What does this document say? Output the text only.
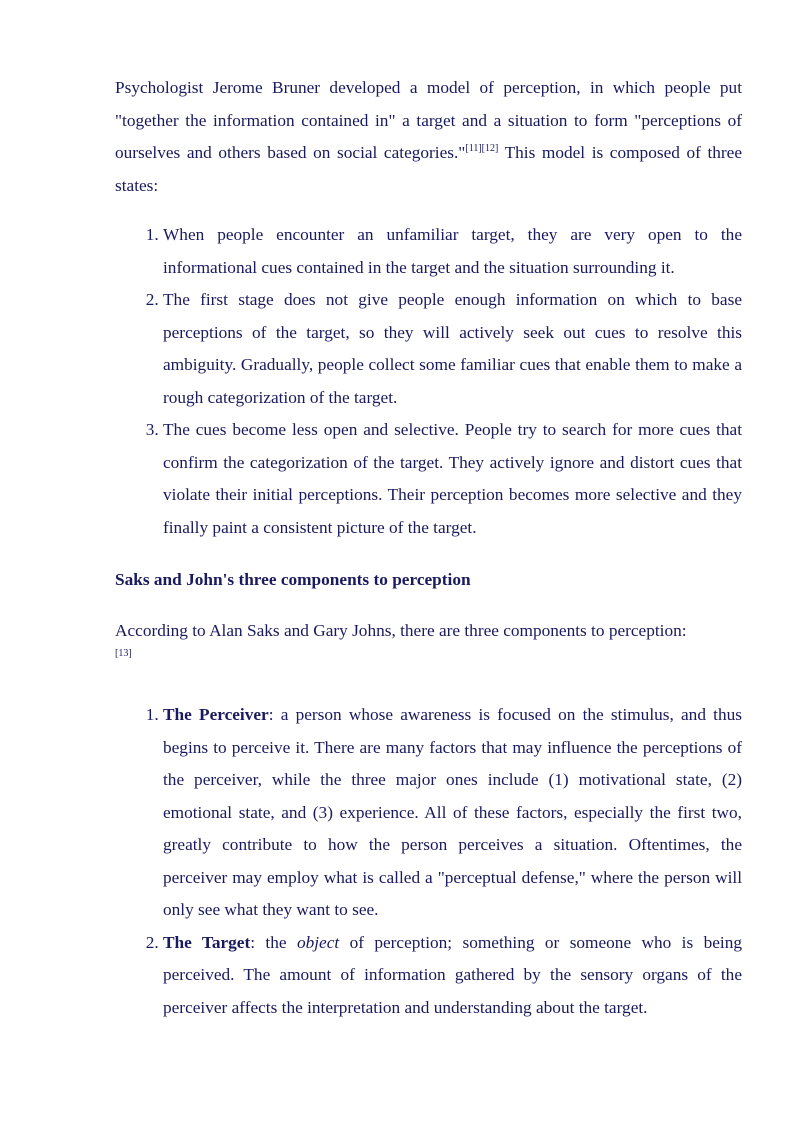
Psychologist Jerome Bruner developed a model of perception, in which people put "together the information contained in" a target and a situation to form "perceptions of ourselves and others based on social categories."[11][12] This model is composed of three states:

1. When people encounter an unfamiliar target, they are very open to the informational cues contained in the target and the situation surrounding it.
2. The first stage does not give people enough information on which to base perceptions of the target, so they will actively seek out cues to resolve this ambiguity. Gradually, people collect some familiar cues that enable them to make a rough categorization of the target.
3. The cues become less open and selective. People try to search for more cues that confirm the categorization of the target. They actively ignore and distort cues that violate their initial perceptions. Their perception becomes more selective and they finally paint a consistent picture of the target.
Saks and John's three components to perception

According to Alan Saks and Gary Johns, there are three components to perception:
[13]

1. The Perceiver: a person whose awareness is focused on the stimulus, and thus begins to perceive it. There are many factors that may influence the perceptions of the perceiver, while the three major ones include (1) motivational state, (2) emotional state, and (3) experience. All of these factors, especially the first two, greatly contribute to how the person perceives a situation. Oftentimes, the perceiver may employ what is called a "perceptual defense," where the person will only see what they want to see.
2. The Target: the object of perception; something or someone who is being perceived. The amount of information gathered by the sensory organs of the perceiver affects the interpretation and understanding about the target.
